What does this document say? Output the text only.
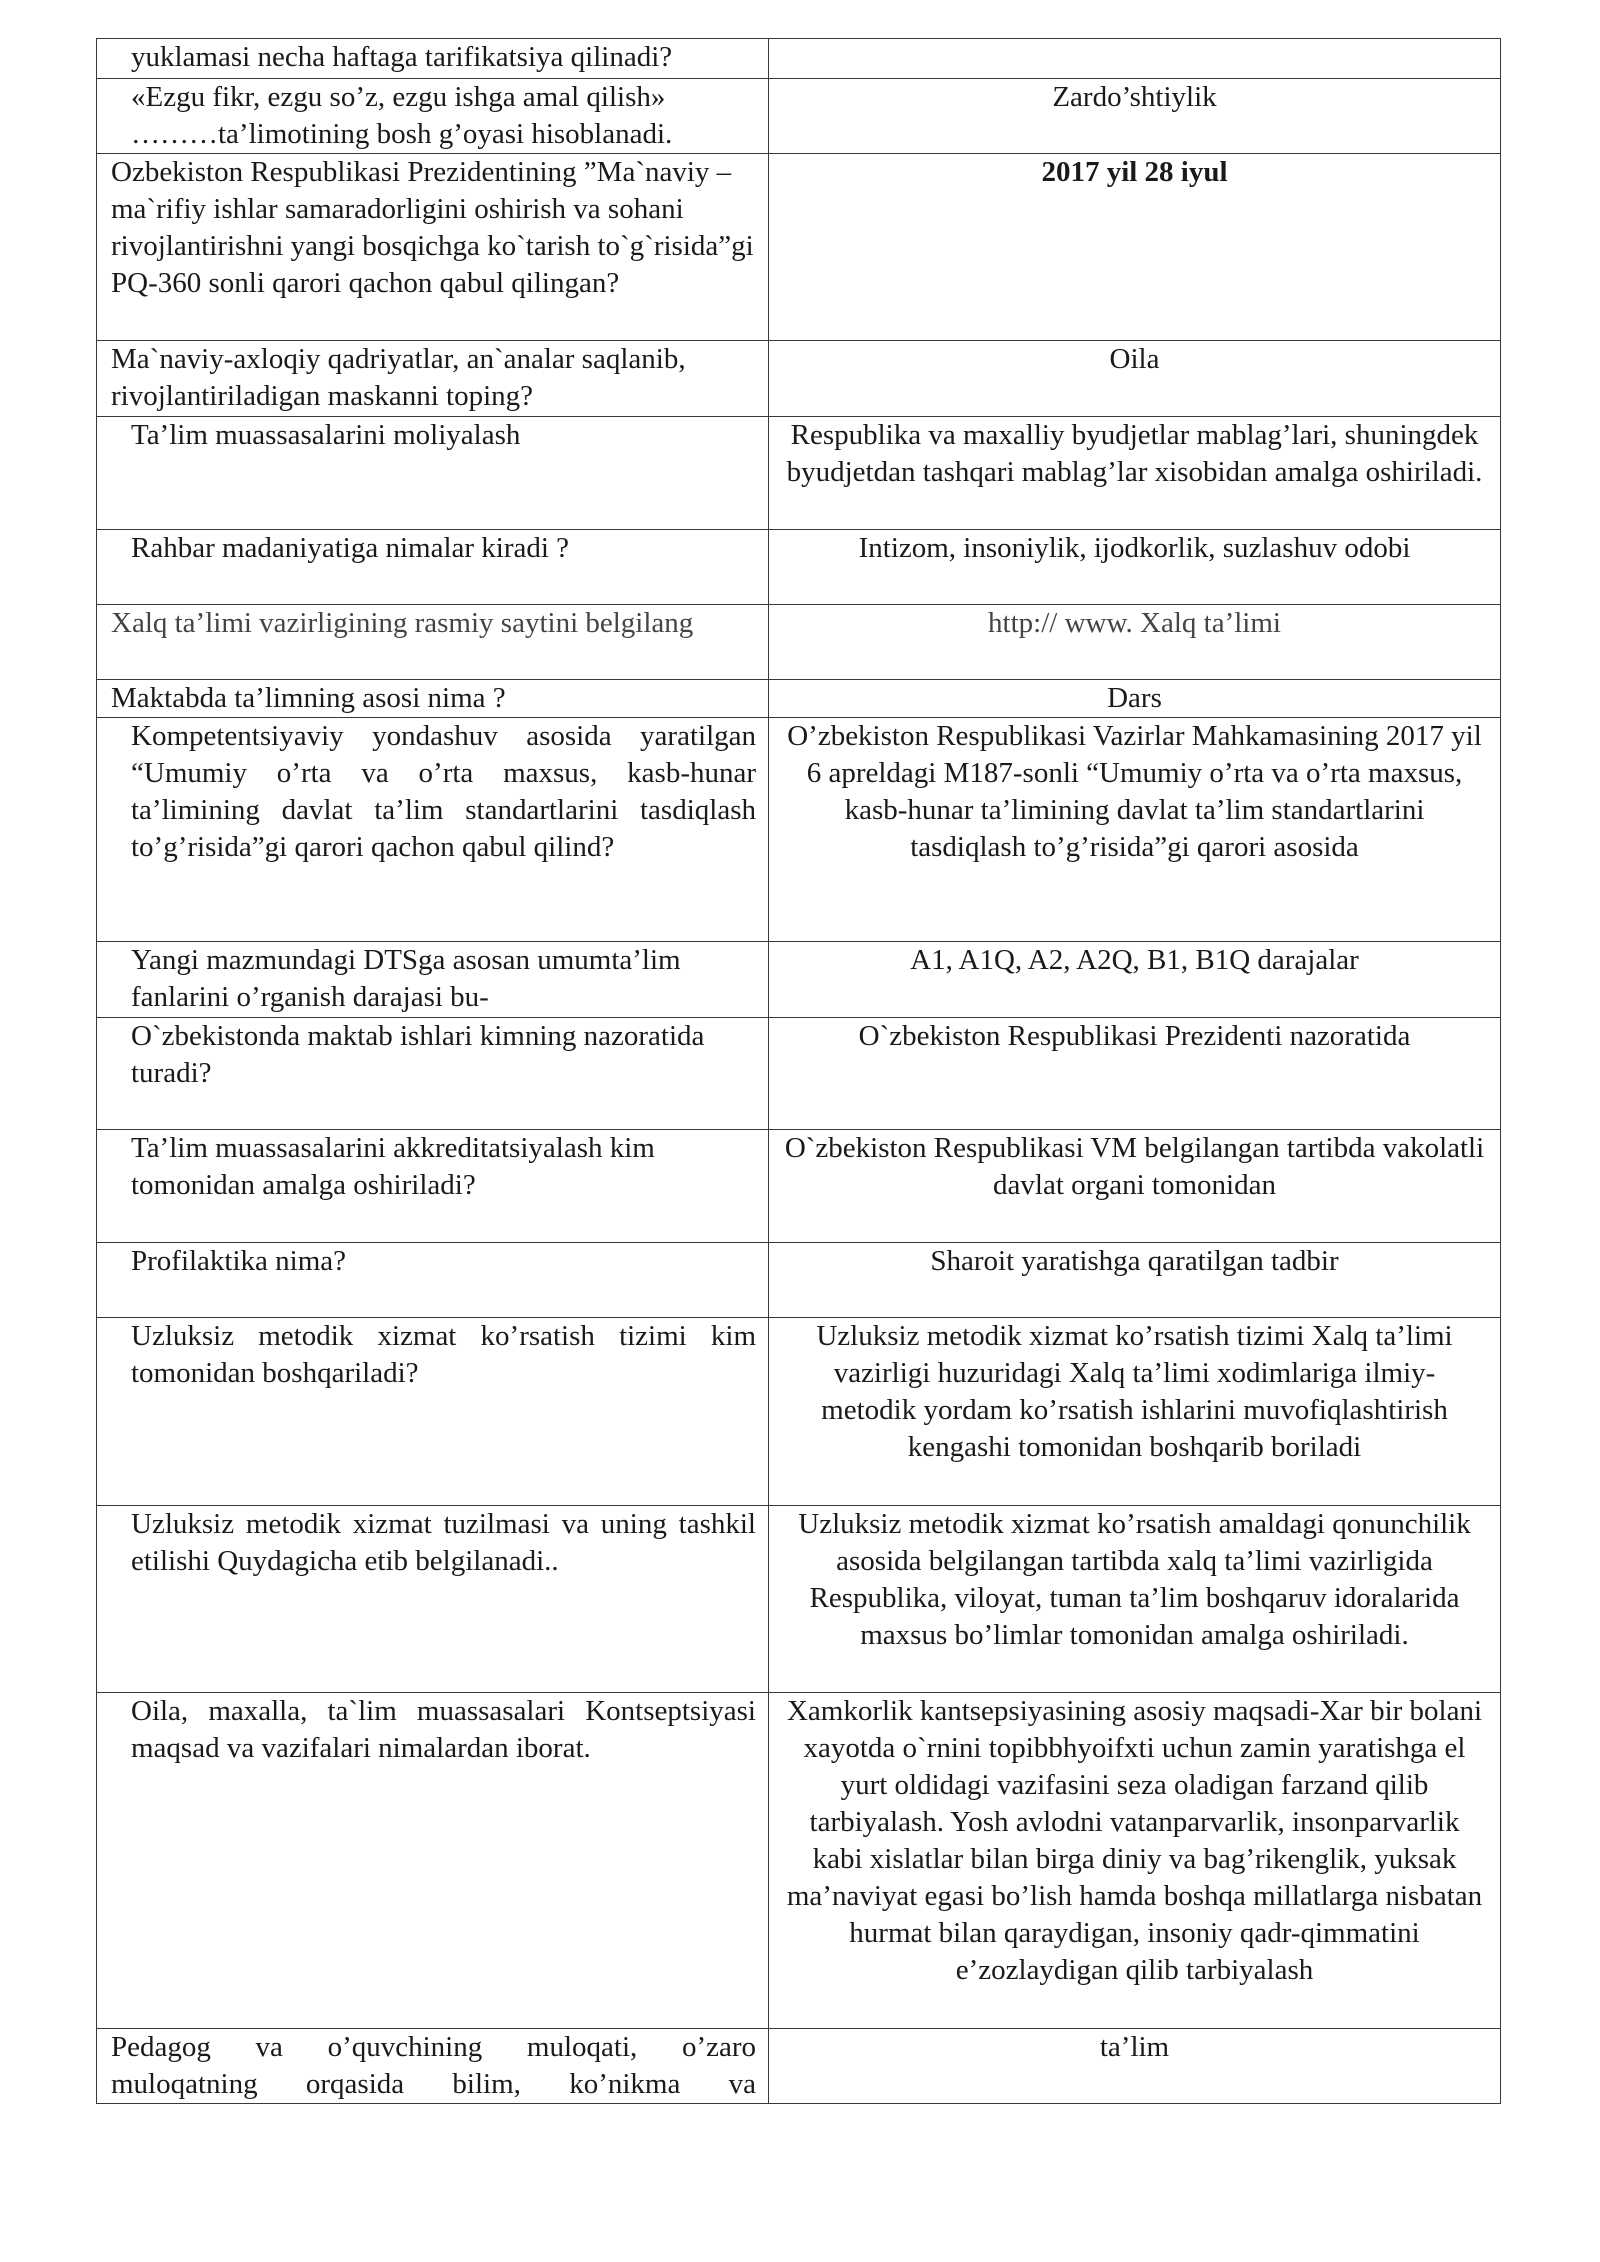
yuklamasi necha haftaga tarifikatsiya qilinadi?	
«Ezgu fikr, ezgu so’z, ezgu ishga amal qilish» ………ta’limotining bosh g’oyasi hisoblanadi.	Zardo’shtiylik
Ozbekiston Respublikasi Prezidentining ”Ma`naviy –ma`rifiy ishlar samaradorligini oshirish va sohani rivojlantirishni yangi bosqichga ko`tarish to`g`risida”gi PQ-360 sonli qarori qachon qabul qilingan?	2017 yil 28 iyul
Ma`naviy-axloqiy qadriyatlar, an`analar saqlanib, rivojlantiriladigan maskanni toping?	Oila
Ta’lim muassasalarini moliyalash	Respublika va maxalliy byudjetlar mablag’lari, shuningdek byudjetdan tashqari mablag’lar xisobidan amalga oshiriladi.
Rahbar madaniyatiga nimalar kiradi ?	Intizom, insoniylik, ijodkorlik, suzlashuv odobi
Xalq ta’limi vazirligining rasmiy saytini belgilang	http:// www. Xalq ta’limi
Maktabda ta’limning asosi nima ?	Dars
Kompetentsiyaviy yondashuv asosida yaratilgan “Umumiy o’rta va o’rta maxsus, kasb-hunar ta’limining davlat ta’lim standartlarini tasdiqlash to’g’risida”gi qarori qachon qabul qilind?	O’zbekiston Respublikasi Vazirlar Mahkamasining 2017 yil 6 apreldagi M187-sonli “Umumiy o’rta va o’rta maxsus, kasb-hunar ta’limining davlat ta’lim standartlarini tasdiqlash to’g’risida”gi qarori asosida
Yangi mazmundagi DTSga asosan umumta’lim fanlarini o’rganish darajasi bu-	A1, A1Q, A2, A2Q, B1, B1Q darajalar
O`zbekistonda maktab ishlari kimning nazoratida turadi?	O`zbekiston Respublikasi Prezidenti nazoratida
Ta’lim muassasalarini akkreditatsiyalash kim tomonidan amalga oshiriladi?	O`zbekiston Respublikasi VM belgilangan tartibda vakolatli davlat organi tomonidan
Profilaktika nima?	Sharoit yaratishga qaratilgan tadbir
Uzluksiz metodik xizmat ko’rsatish tizimi kim tomonidan boshqariladi?	Uzluksiz metodik xizmat ko’rsatish tizimi Xalq ta’limi vazirligi huzuridagi Xalq ta’limi xodimlariga ilmiy- metodik yordam ko’rsatish ishlarini muvofiqlashtirish kengashi tomonidan boshqarib boriladi
Uzluksiz metodik xizmat tuzilmasi va uning tashkil etilishi Quydagicha etib belgilanadi..	Uzluksiz metodik xizmat ko’rsatish amaldagi qonunchilik asosida belgilangan tartibda xalq ta’limi vazirligida Respublika, viloyat, tuman ta’lim boshqaruv idoralarida maxsus bo’limlar tomonidan amalga oshiriladi.
Oila, maxalla, ta`lim muassasalari Kontseptsiyasi maqsad va vazifalari nimalardan iborat.	Xamkorlik kantsepsiyasining asosiy maqsadi-Xar bir bolani xayotda o`rnini topibbhyoifxti uchun zamin yaratishga el yurt oldidagi vazifasini seza oladigan farzand qilib tarbiyalash. Yosh avlodni vatanparvarlik, insonparvarlik kabi xislatlar bilan birga diniy va bag’rikenglik, yuksak ma’naviyat egasi bo’lish hamda boshqa millatlarga nisbatan hurmat bilan qaraydigan, insoniy qadr-qimmatini e’zozlaydigan qilib tarbiyalash
Pedagog va o’quvchining muloqati, o’zaro muloqatning orqasida bilim, ko’nikma va	ta’lim
